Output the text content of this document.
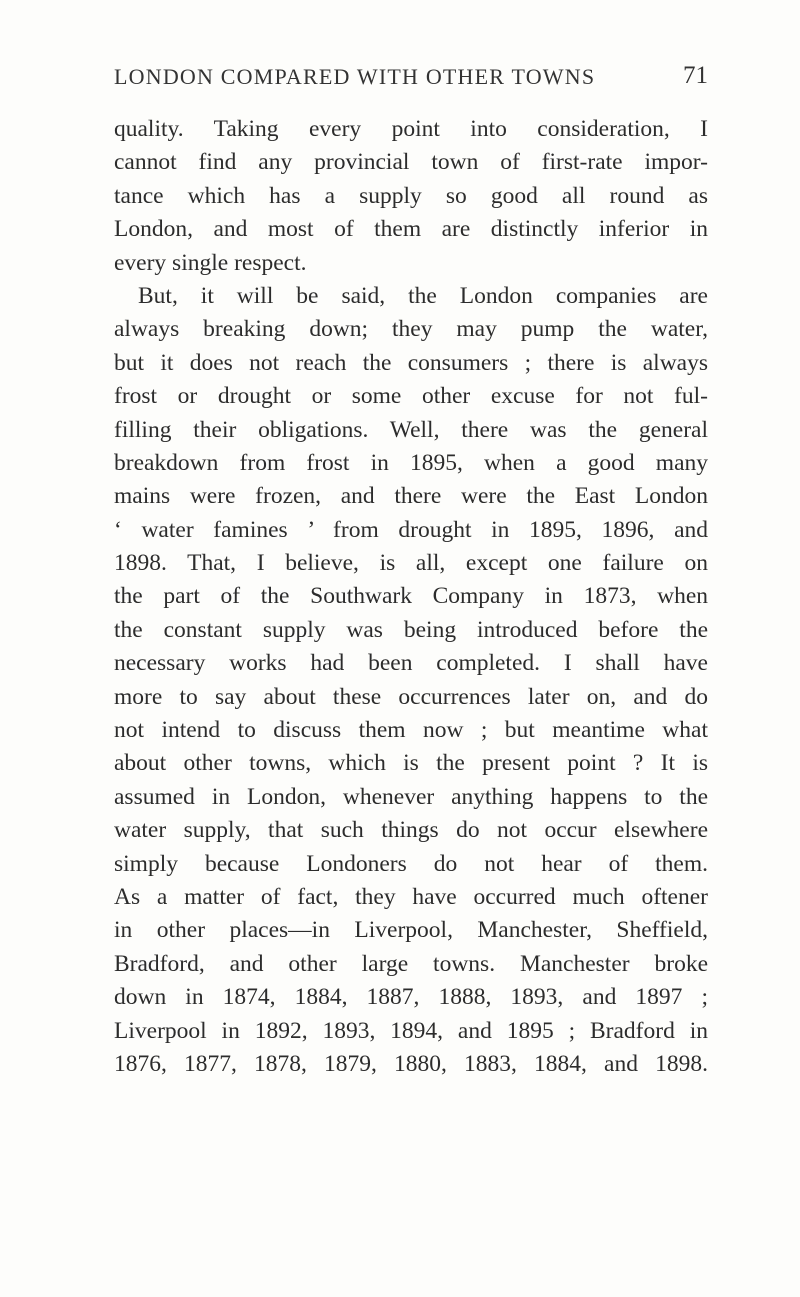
LONDON COMPARED WITH OTHER TOWNS	71
quality. Taking every point into consideration, I
cannot find any provincial town of first-rate impor-
tance which has a supply so good all round as
London, and most of them are distinctly inferior in
every single respect.
But, it will be said, the London companies are
always breaking down; they may pump the water,
but it does not reach the consumers ; there is always
frost or drought or some other excuse for not ful-
filling their obligations. Well, there was the general
breakdown from frost in 1895, when a good many
mains were frozen, and there were the East London
‘ water famines ’ from drought in 1895, 1896, and
1898. That, I believe, is all, except one failure on
the part of the Southwark Company in 1873, when
the constant supply was being introduced before the
necessary works had been completed. I shall have
more to say about these occurrences later on, and do
not intend to discuss them now ; but meantime what
about other towns, which is the present point ? It is
assumed in London, whenever anything happens to the
water supply, that such things do not occur elsewhere
simply because Londoners do not hear of them.
As a matter of fact, they have occurred much oftener
in other places—in Liverpool, Manchester, Sheffield,
Bradford, and other large towns. Manchester broke
down in 1874, 1884, 1887, 1888, 1893, and 1897 ;
Liverpool in 1892, 1893, 1894, and 1895 ; Bradford in
1876, 1877, 1878, 1879, 1880, 1883, 1884, and 1898.
